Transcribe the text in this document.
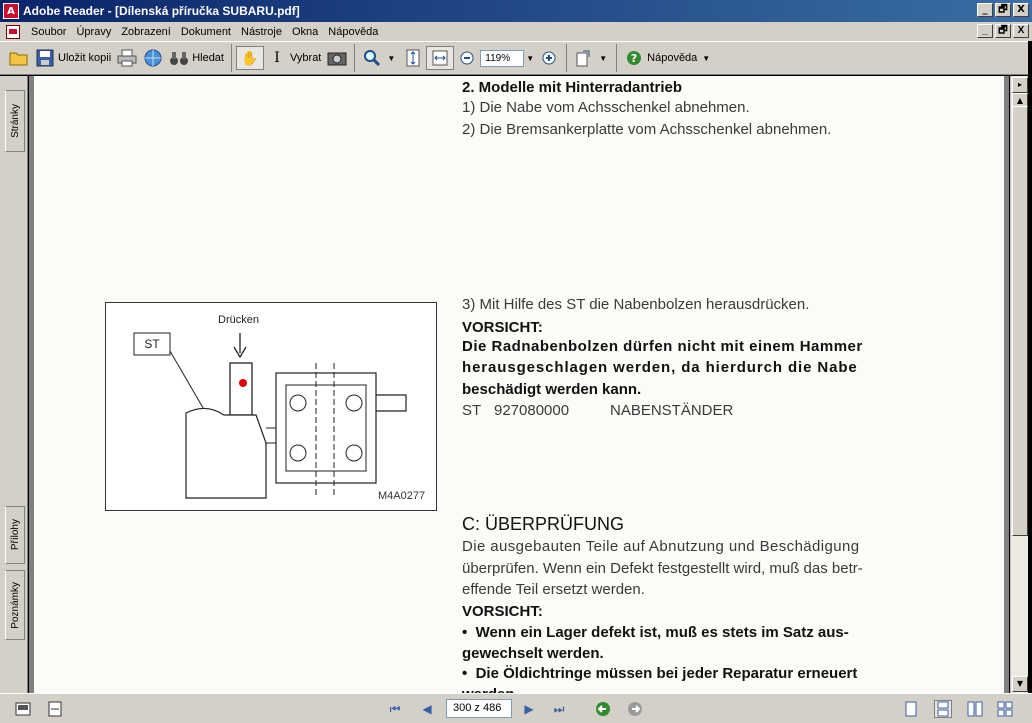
A Adobe Reader - [Dílenská příručka SUBARU.pdf]	_	🗗 X
Soubor Úpravy Zobrazení Dokument Nástroje Okna Nápověda	_	🗗 X
Uložit kopii	Hledat ✋	I Vybrat	▼	119%	▼	▼ ? Nápověda ▼
Stránky
Přílohy
Poznámky
2. Modelle mit Hinterradantrieb
1) Die Nabe vom Achsschenkel abnehmen.
2) Die Bremsankerplatte vom Achsschenkel abnehmen.
3) Mit Hilfe des ST die Nabenbolzen herausdrücken.
VORSICHT:
Die Radnabenbolzen dürfen nicht mit einem Hammer
herausgeschlagen werden, da hierdurch die Nabe
beschädigt werden kann.
ST 927080000	NABENSTÄNDER
Drücken
ST
M4A0277
C: ÜBERPRÜFUNG
Die ausgebauten Teile auf Abnutzung und Beschädigung
überprüfen. Wenn ein Defekt festgestellt wird, muß das betr-
effende Teil ersetzt werden.
VORSICHT:
•  Wenn ein Lager defekt ist, muß es stets im Satz aus-
gewechselt werden.
•  Die Öldichtringe müssen bei jeder Reparatur erneuert
▸
▲
▼
⏮	◀	300 z 486	▶	⏭
